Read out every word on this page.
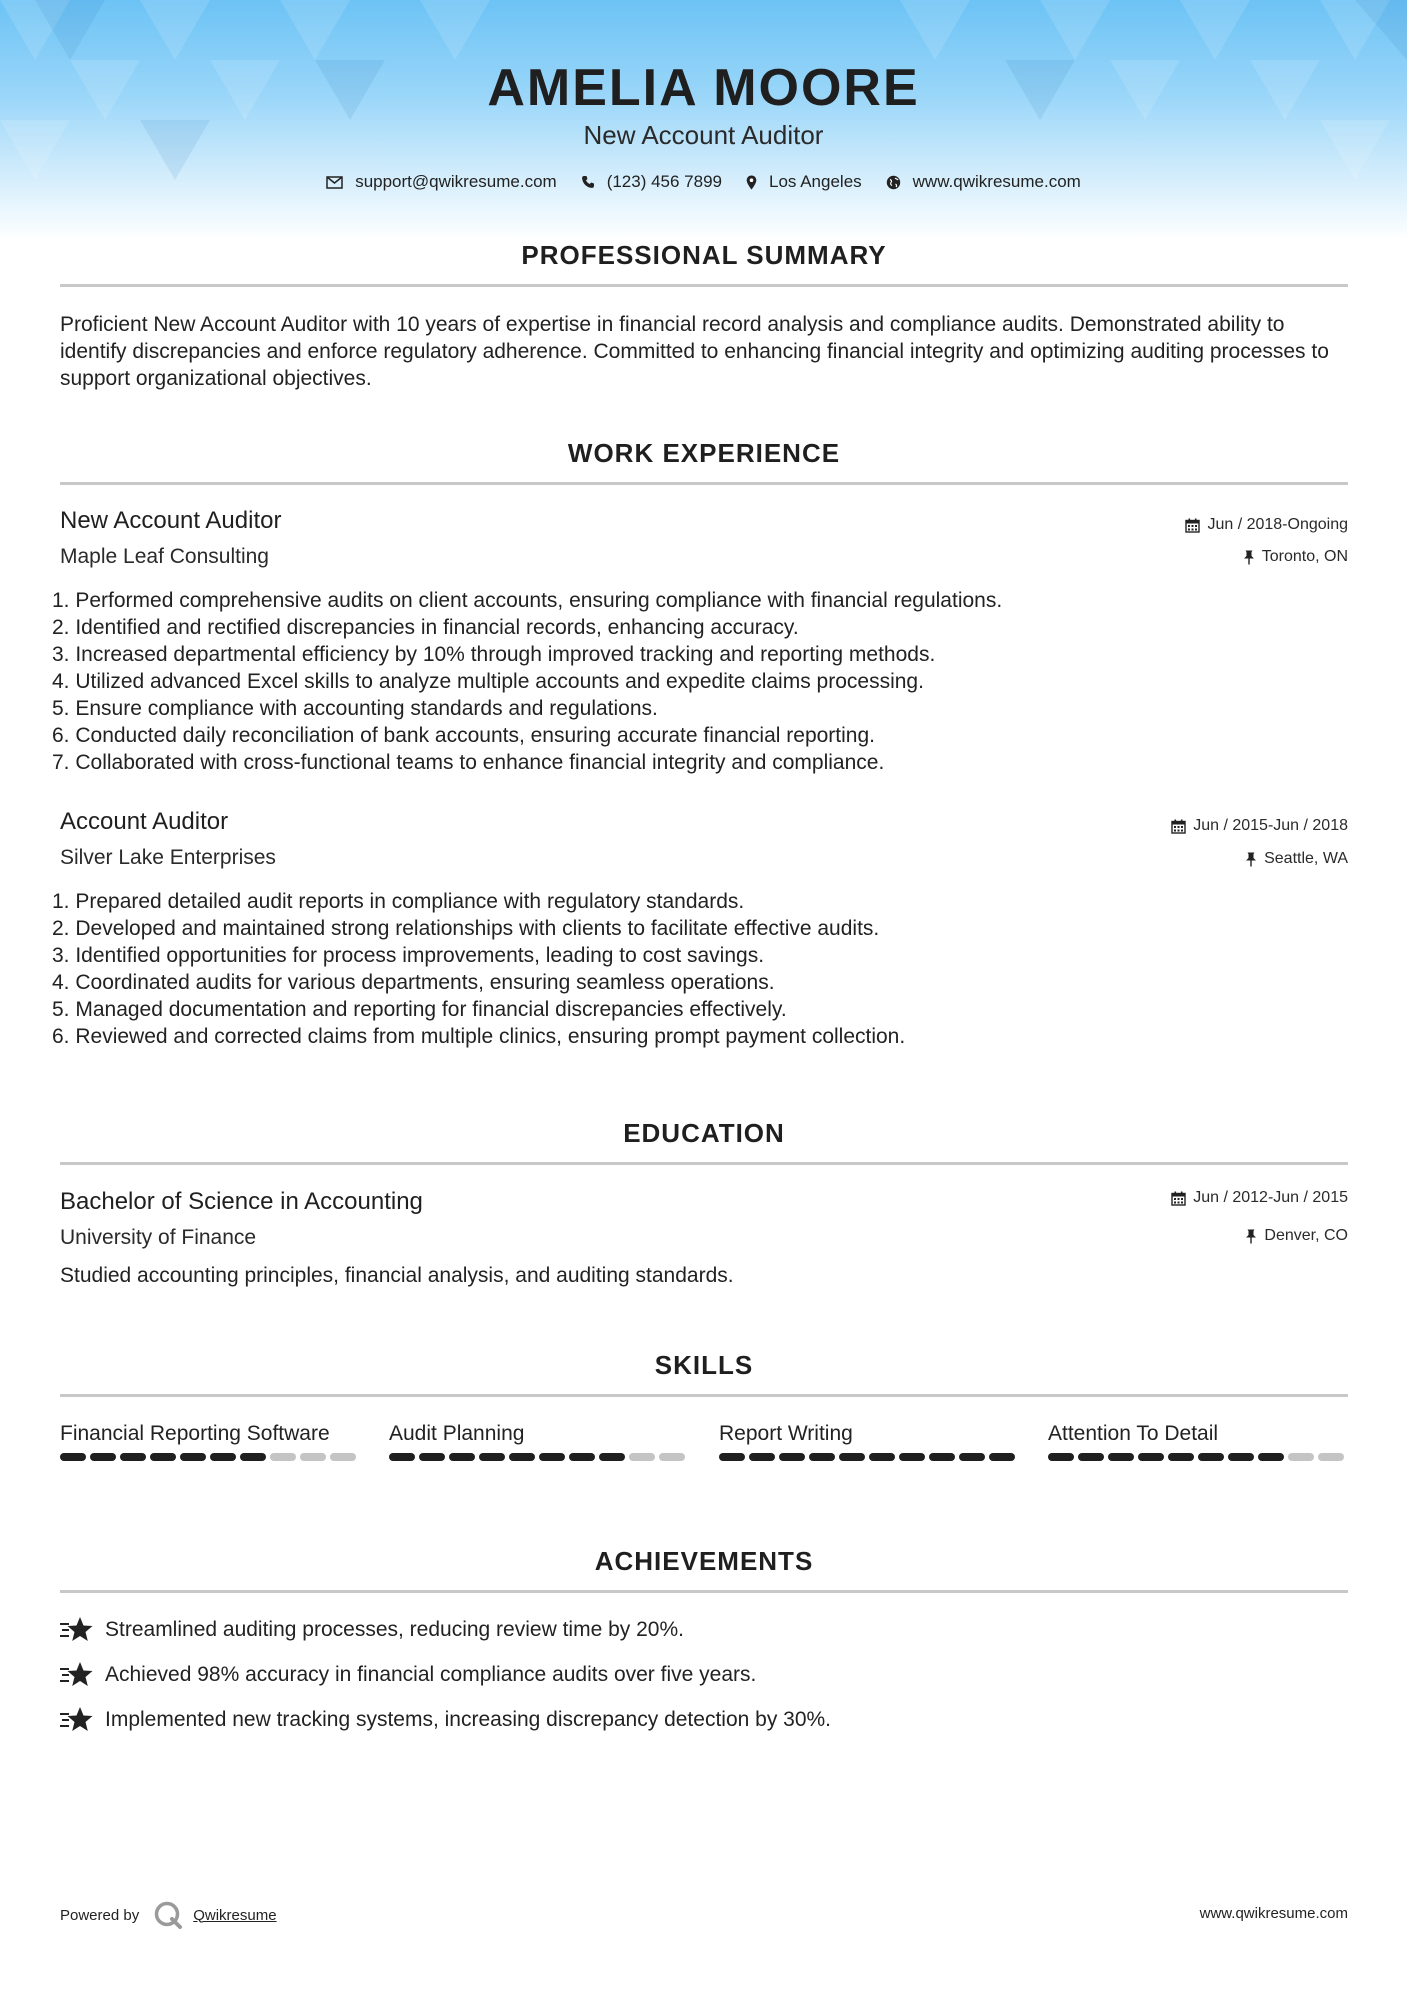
AMELIA MOORE
New Account Auditor
support@qwikresume.com	(123) 456 7899	Los Angeles	www.qwikresume.com
PROFESSIONAL SUMMARY
Proficient New Account Auditor with 10 years of expertise in financial record analysis and compliance audits. Demonstrated ability to identify discrepancies and enforce regulatory adherence. Committed to enhancing financial integrity and optimizing auditing processes to support organizational objectives.
WORK EXPERIENCE
New Account Auditor	Jun / 2018-Ongoing
Maple Leaf Consulting	Toronto, ON
1. Performed comprehensive audits on client accounts, ensuring compliance with financial regulations.
2. Identified and rectified discrepancies in financial records, enhancing accuracy.
3. Increased departmental efficiency by 10% through improved tracking and reporting methods.
4. Utilized advanced Excel skills to analyze multiple accounts and expedite claims processing.
5. Ensure compliance with accounting standards and regulations.
6. Conducted daily reconciliation of bank accounts, ensuring accurate financial reporting.
7. Collaborated with cross-functional teams to enhance financial integrity and compliance.
Account Auditor	Jun / 2015-Jun / 2018
Silver Lake Enterprises	Seattle, WA
1. Prepared detailed audit reports in compliance with regulatory standards.
2. Developed and maintained strong relationships with clients to facilitate effective audits.
3. Identified opportunities for process improvements, leading to cost savings.
4. Coordinated audits for various departments, ensuring seamless operations.
5. Managed documentation and reporting for financial discrepancies effectively.
6. Reviewed and corrected claims from multiple clinics, ensuring prompt payment collection.
EDUCATION
Bachelor of Science in Accounting	Jun / 2012-Jun / 2015
University of Finance	Denver, CO
Studied accounting principles, financial analysis, and auditing standards.
SKILLS
Financial Reporting Software	Audit Planning	Report Writing	Attention To Detail
ACHIEVEMENTS
Streamlined auditing processes, reducing review time by 20%.
Achieved 98% accuracy in financial compliance audits over five years.
Implemented new tracking systems, increasing discrepancy detection by 30%.
Powered by	Qwikresume	www.qwikresume.com
